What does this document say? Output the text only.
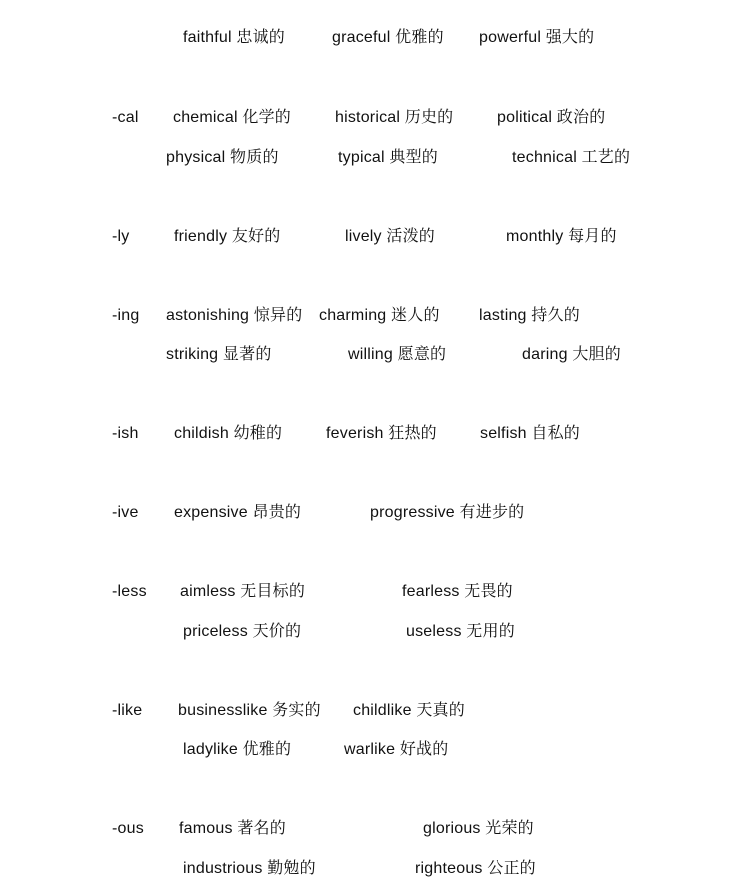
faithful 忠诚的	graceful 优雅的 powerful 强大的
-cal chemical 化学的	historical 历史的	political 政治的
physical 物质的	typical 典型的	technical 工艺的
-ly	friendly 友好的	lively 活泼的	monthly 每月的
-ing astonishing 惊异的 charming 迷人的 lasting 持久的
striking 显著的	willing 愿意的	daring 大胆的
-ish childish 幼稚的	feverish 狂热的	selfish 自私的
-ive expensive 昂贵的	progressive 有进步的
-less aimless 无目标的	fearless 无畏的
priceless 天价的	useless 无用的
-like businesslike 务实的 childlike 天真的
ladylike 优雅的	warlike 好战的
-ous famous 著名的	glorious 光荣的
industrious 勤勉的	righteous 公正的
